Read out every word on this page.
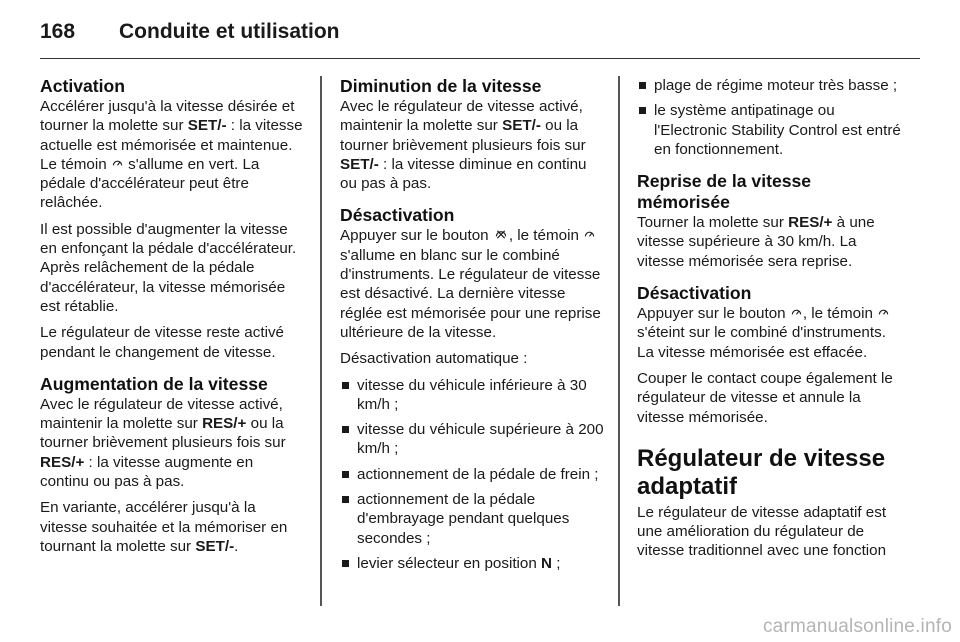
168 Conduite et utilisation
Activation

Accélérer jusqu'à la vitesse désirée et tourner la molette sur SET/- : la vitesse actuelle est mémorisée et maintenue. Le témoin  s'allume en vert. La pédale d'accélérateur peut être relâchée.

Il est possible d'augmenter la vitesse en enfonçant la pédale d'accélérateur. Après relâchement de la pédale d'accélérateur, la vitesse mémorisée est rétablie.

Le régulateur de vitesse reste activé pendant le changement de vitesse.

Augmentation de la vitesse

Avec le régulateur de vitesse activé, maintenir la molette sur RES/+ ou la tourner brièvement plusieurs fois sur RES/+ : la vitesse augmente en continu ou pas à pas.

En variante, accélérer jusqu'à la vitesse souhaitée et la mémoriser en tournant la molette sur SET/-.

Diminution de la vitesse

Avec le régulateur de vitesse activé, maintenir la molette sur SET/- ou la tourner brièvement plusieurs fois sur SET/- : la vitesse diminue en continu ou pas à pas.

Désactivation

Appuyer sur le bouton , le témoin  s'allume en blanc sur le combiné d'instruments. Le régulateur de vitesse est désactivé. La dernière vitesse réglée est mémorisée pour une reprise ultérieure de la vitesse.

Désactivation automatique :

vitesse du véhicule inférieure à 30 km/h ;
vitesse du véhicule supérieure à 200 km/h ;
actionnement de la pédale de frein ;
actionnement de la pédale d'embrayage pendant quelques secondes ;
levier sélecteur en position N ;
plage de régime moteur très basse ;
le système antipatinage ou l'Electronic Stability Control est entré en fonctionnement.
Reprise de la vitesse mémorisée

Tourner la molette sur RES/+ à une vitesse supérieure à 30 km/h. La vitesse mémorisée sera reprise.

Désactivation

Appuyer sur le bouton , le témoin  s'éteint sur le combiné d'instruments. La vitesse mémorisée est effacée.

Couper le contact coupe également le régulateur de vitesse et annule la vitesse mémorisée.

Régulateur de vitesse adaptatif

Le régulateur de vitesse adaptatif est une amélioration du régulateur de vitesse traditionnel avec une fonction

carmanualsonline.info
